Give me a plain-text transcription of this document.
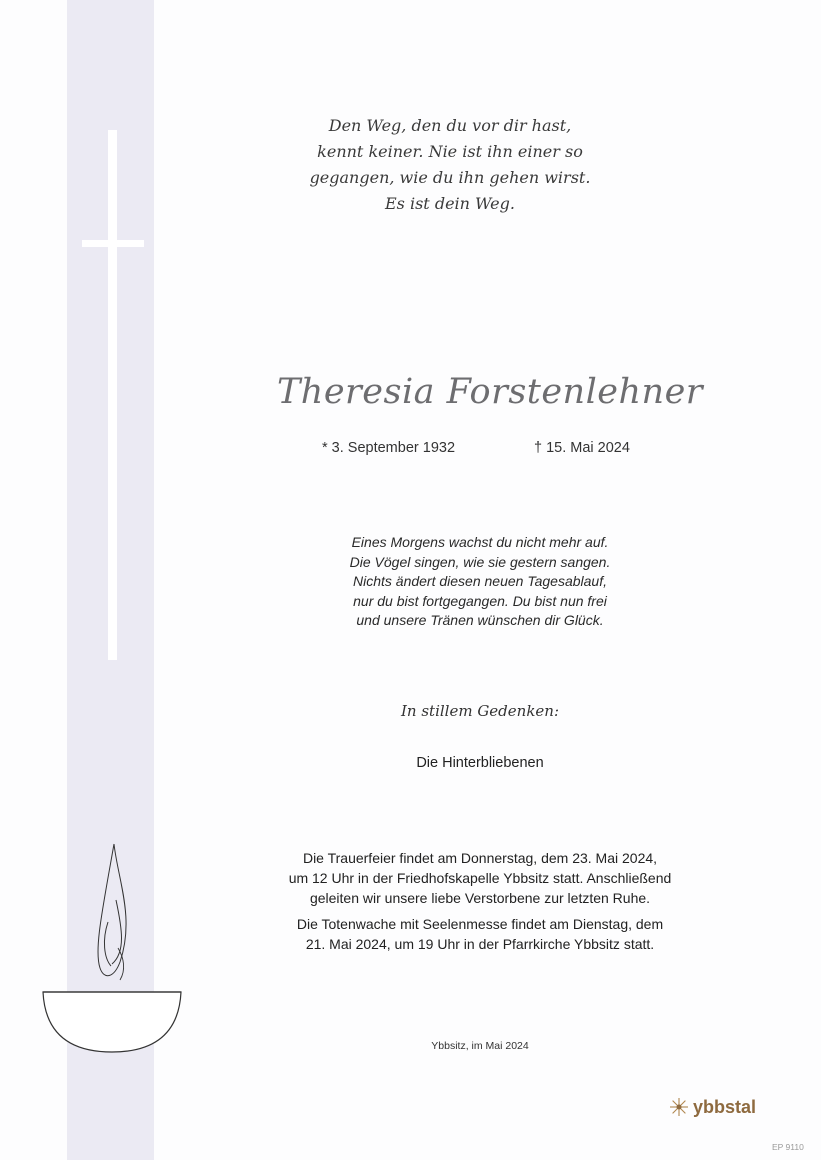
Den Weg, den du vor dir hast,
kennt keiner. Nie ist ihn einer so
gegangen, wie du ihn gehen wirst.
Es ist dein Weg.
Theresia Forstenlehner
* 3. September 1932	† 15. Mai 2024
Eines Morgens wachst du nicht mehr auf.
Die Vögel singen, wie sie gestern sangen.
Nichts ändert diesen neuen Tagesablauf,
nur du bist fortgegangen. Du bist nun frei
und unsere Tränen wünschen dir Glück.
In stillem Gedenken:
Die Hinterbliebenen

Die Trauerfeier findet am Donnerstag, dem 23. Mai 2024,
um 12 Uhr in der Friedhofskapelle Ybbsitz statt. Anschließend
geleiten wir unsere liebe Verstorbene zur letzten Ruhe.

Die Totenwache mit Seelenmesse findet am Dienstag, dem
21. Mai 2024, um 19 Uhr in der Pfarrkirche Ybbsitz statt.

Ybbsitz, im Mai 2024
ybbstal
EP 9110
